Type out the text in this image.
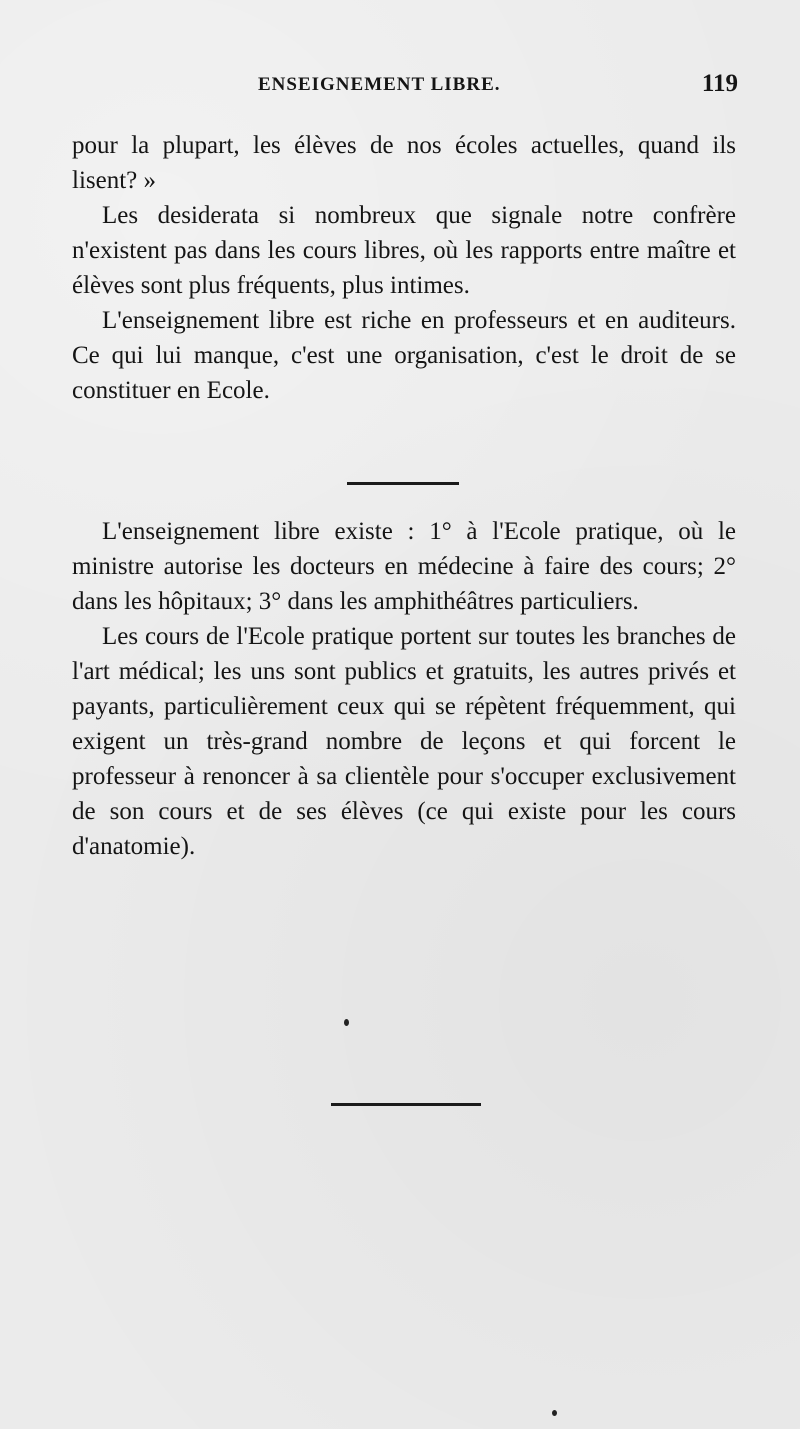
ENSEIGNEMENT LIBRE.	119

pour la plupart, les élèves de nos écoles actuelles, quand ils lisent? »

Les desiderata si nombreux que signale notre confrère n'existent pas dans les cours libres, où les rapports entre maître et élèves sont plus fréquents, plus intimes.

L'enseignement libre est riche en professeurs et en auditeurs. Ce qui lui manque, c'est une organisation, c'est le droit de se constituer en Ecole.

L'enseignement libre existe : 1° à l'Ecole pratique, où le ministre autorise les docteurs en médecine à faire des cours; 2° dans les hôpitaux; 3° dans les amphithéâtres particuliers.

Les cours de l'Ecole pratique portent sur toutes les branches de l'art médical; les uns sont publics et gratuits, les autres privés et payants, particulièrement ceux qui se répètent fréquemment, qui exigent un très-grand nombre de leçons et qui forcent le professeur à renoncer à sa clientèle pour s'occuper exclusivement de son cours et de ses élèves (ce qui existe pour les cours d'anatomie).
